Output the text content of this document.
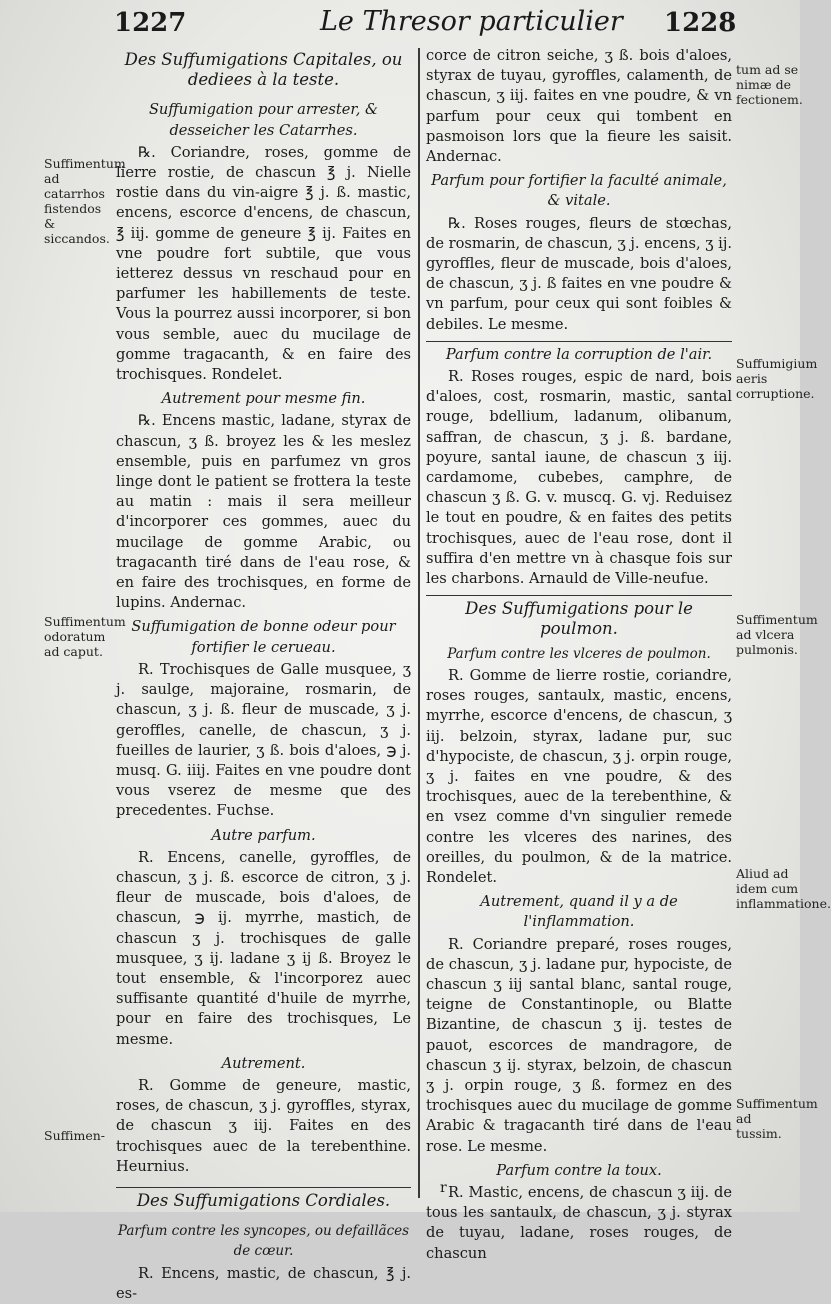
1227	Le Thresor particulier 1228
Des Suffumigations Capitales, ou dediees à la teste.
Suffumigation pour arrester, & desseicher les Catarrhes.

℞. Coriandre, roses, gomme de lierre rostie, de chascun ℥ j. Nielle rostie dans du vin-aigre ℥ j. ß. mastic, encens, escorce d'encens, de chascun, ℥ iij. gomme de geneure ℥ ij. Faites en vne poudre fort subtile, que vous ietterez dessus vn reschaud pour en parfumer les habillements de teste. Vous la pourrez aussi incorporer, si bon vous semble, auec du mucilage de gomme tragacanth, & en faire des trochisques. Rondelet.

Autrement pour mesme fin.

℞. Encens mastic, ladane, styrax de chascun, ʒ ß. broyez les & les meslez ensemble, puis en parfumez vn gros linge dont le patient se frottera la teste au matin : mais il sera meilleur d'incorporer ces gommes, auec du mucilage de gomme Arabic, ou tragacanth tiré dans de l'eau rose, & en faire des trochisques, en forme de lupins. Andernac.

Suffumigation de bonne odeur pour fortifier le cerueau.

R. Trochisques de Galle musquee, ʒ j. saulge, majoraine, rosmarin, de chascun, ʒ j. ß. fleur de muscade, ʒ j. geroffles, canelle, de chascun, ʒ j. fueilles de laurier, ʒ ß. bois d'aloes, ℈ j. musq. G. iiij. Faites en vne poudre dont vous vserez de mesme que des precedentes. Fuchse.

Autre parfum.

R. Encens, canelle, gyroffles, de chascun, ʒ j. ß. escorce de citron, ʒ j. fleur de muscade, bois d'aloes, de chascun, ℈ ij. myrrhe, mastich, de chascun ʒ j. trochisques de galle musquee, ʒ ij. ladane ʒ ij ß. Broyez le tout ensemble, & l'incorporez auec suffisante quantité d'huile de myrrhe, pour en faire des trochisques, Le mesme.

Autrement.

R. Gomme de geneure, mastic, roses, de chascun, ʒ j. gyroffles, styrax, de chascun ʒ iij. Faites en des trochisques auec de la terebenthine. Heurnius.

Des Suffumigations Cordiales.
Parfum contre les syncopes, ou defaillãces de cœur.

R. Encens, mastic, de chascun, ℥ j. es-

corce de citron seiche, ʒ ß. bois d'aloes, styrax de tuyau, gyroffles, calamenth, de chascun, ʒ iij. faites en vne poudre, & vn parfum pour ceux qui tombent en pasmoison lors que la fieure les saisit. Andernac.

Parfum pour fortifier la faculté animale, & vitale.

℞. Roses rouges, fleurs de stœchas, de rosmarin, de chascun, ʒ j. encens, ʒ ij. gyroffles, fleur de muscade, bois d'aloes, de chascun, ʒ j. ß faites en vne poudre & vn parfum, pour ceux qui sont foibles & debiles. Le mesme.

Parfum contre la corruption de l'air.

R. Roses rouges, espic de nard, bois d'aloes, cost, rosmarin, mastic, santal rouge, bdellium, ladanum, olibanum, saffran, de chascun, ʒ j. ß. bardane, poyure, santal iaune, de chascun ʒ iij. cardamome, cubebes, camphre, de chascun ʒ ß. G. v. muscq. G. vj. Reduisez le tout en poudre, & en faites des petits trochisques, auec de l'eau rose, dont il suffira d'en mettre vn à chasque fois sur les charbons. Arnauld de Ville-neufue.

Des Suffumigations pour le poulmon.
Parfum contre les vlceres de poulmon.

R. Gomme de lierre rostie, coriandre, roses rouges, santaulx, mastic, encens, myrrhe, escorce d'encens, de chascun, ʒ iij. belzoin, styrax, ladane pur, suc d'hypociste, de chascun, ʒ j. orpin rouge, ʒ j. faites en vne poudre, & des trochisques, auec de la terebenthine, & en vsez comme d'vn singulier remede contre les vlceres des narines, des oreilles, du poulmon, & de la matrice. Rondelet.

Autrement, quand il y a de l'inflammation.

R. Coriandre preparé, roses rouges, de chascun, ʒ j. ladane pur, hypociste, de chascun ʒ iij santal blanc, santal rouge, teigne de Constantinople, ou Blatte Bizantine, de chascun ʒ ij. testes de pauot, escorces de mandragore, de chascun ʒ ij. styrax, belzoin, de chascun ʒ j. orpin rouge, ʒ ß. formez en des trochisques auec du mucilage de gomme Arabic & tragacanth tiré dans de l'eau rose. Le mesme.

Parfum contre la toux.

R. Mastic, encens, de chascun ʒ iij. de tous les santaulx, de chascun, ʒ j. styrax de tuyau, ladane, roses rouges, de chascun

r
Suffimentum ad catarrhos fistendos & siccandos.
Suffimentum odoratum ad caput.
Suffimen-
tum ad se nimæ de fectionem.
Suffumigium aeris corruptione.
Suffimentum ad vlcera pulmonis.
Aliud ad idem cum inflammatione.
Suffimentum ad tussim.
